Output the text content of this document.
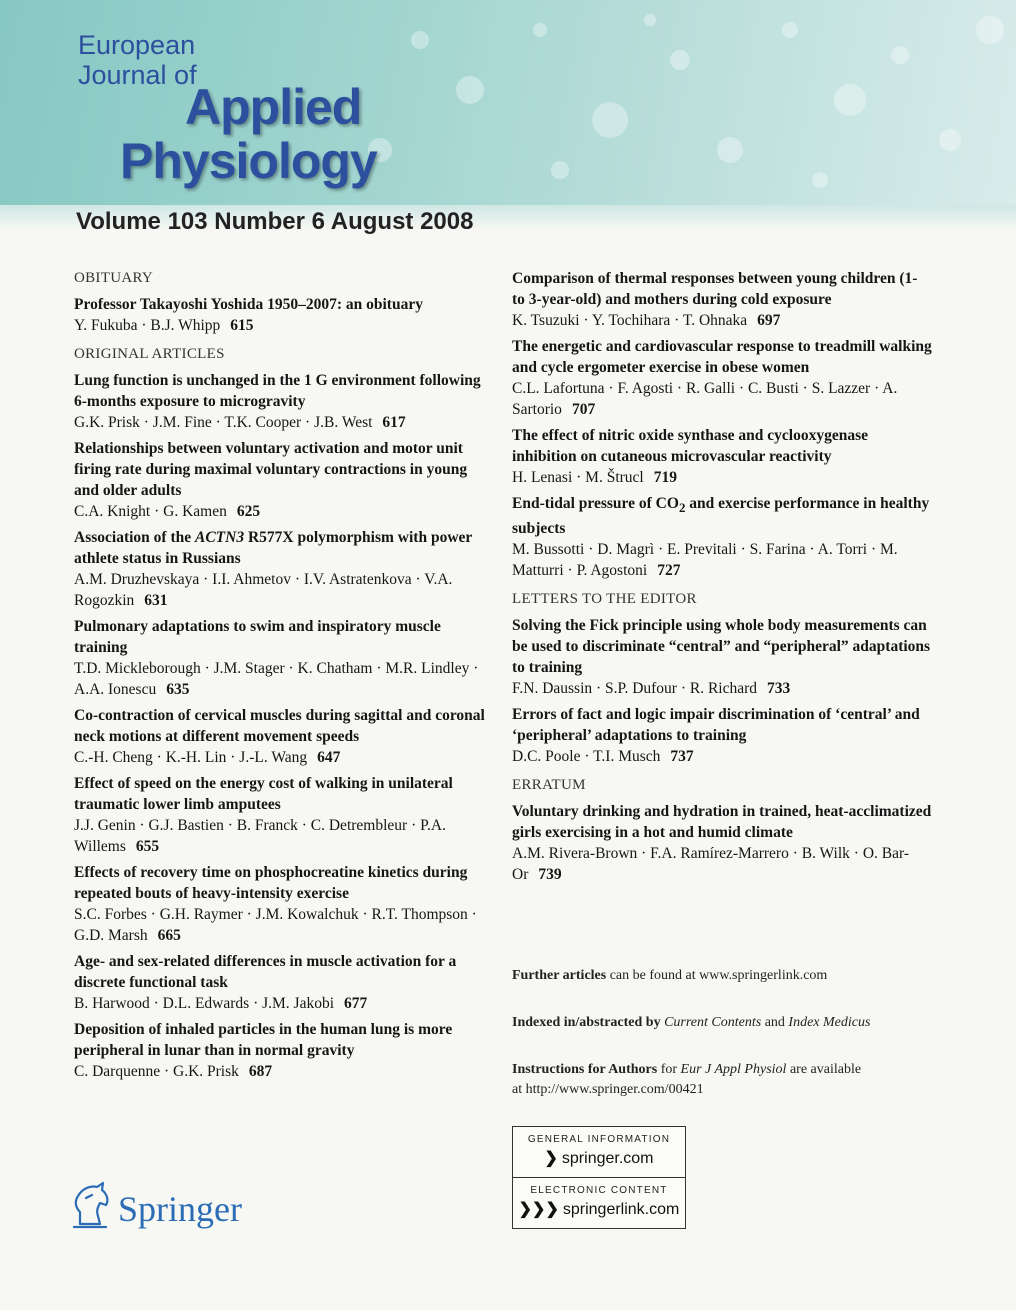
European
Journal of
Applied
Physiology
Volume 103 Number 6 August 2008
OBITUARY
Professor Takayoshi Yoshida 1950–2007: an obituary
Y. Fukuba · B.J. Whipp 615
ORIGINAL ARTICLES
Lung function is unchanged in the 1 G environment following 6-months exposure to microgravity
G.K. Prisk · J.M. Fine · T.K. Cooper · J.B. West 617
Relationships between voluntary activation and motor unit firing rate during maximal voluntary contractions in young and older adults
C.A. Knight · G. Kamen 625
Association of the ACTN3 R577X polymorphism with power athlete status in Russians
A.M. Druzhevskaya · I.I. Ahmetov · I.V. Astratenkova · V.A. Rogozkin 631
Pulmonary adaptations to swim and inspiratory muscle training
T.D. Mickleborough · J.M. Stager · K. Chatham · M.R. Lindley · A.A. Ionescu 635
Co-contraction of cervical muscles during sagittal and coronal neck motions at different movement speeds
C.-H. Cheng · K.-H. Lin · J.-L. Wang 647
Effect of speed on the energy cost of walking in unilateral traumatic lower limb amputees
J.J. Genin · G.J. Bastien · B. Franck · C. Detrembleur · P.A. Willems 655
Effects of recovery time on phosphocreatine kinetics during repeated bouts of heavy-intensity exercise
S.C. Forbes · G.H. Raymer · J.M. Kowalchuk · R.T. Thompson · G.D. Marsh 665
Age- and sex-related differences in muscle activation for a discrete functional task
B. Harwood · D.L. Edwards · J.M. Jakobi 677
Deposition of inhaled particles in the human lung is more peripheral in lunar than in normal gravity
C. Darquenne · G.K. Prisk 687
Comparison of thermal responses between young children (1- to 3-year-old) and mothers during cold exposure
K. Tsuzuki · Y. Tochihara · T. Ohnaka 697
The energetic and cardiovascular response to treadmill walking and cycle ergometer exercise in obese women
C.L. Lafortuna · F. Agosti · R. Galli · C. Busti · S. Lazzer · A. Sartorio 707
The effect of nitric oxide synthase and cyclooxygenase inhibition on cutaneous microvascular reactivity
H. Lenasi · M. Štrucl 719
End-tidal pressure of $CO_2$ and exercise performance in healthy subjects
M. Bussotti · D. Magrì · E. Previtali · S. Farina · A. Torri · M. Matturri · P. Agostoni 727
LETTERS TO THE EDITOR
Solving the Fick principle using whole body measurements can be used to discriminate “central” and “peripheral” adaptations to training
F.N. Daussin · S.P. Dufour · R. Richard 733
Errors of fact and logic impair discrimination of ‘central’ and ‘peripheral’ adaptations to training
D.C. Poole · T.I. Musch 737
ERRATUM
Voluntary drinking and hydration in trained, heat-acclimatized girls exercising in a hot and humid climate
A.M. Rivera-Brown · F.A. Ramírez-Marrero · B. Wilk · O. Bar-Or 739
Further articles can be found at www.springerlink.com
Indexed in/abstracted by Current Contents and Index Medicus
Instructions for Authors for Eur J Appl Physiol are available
at http://www.springer.com/00421
GENERAL INFORMATION
❯ springer.com
ELECTRONIC CONTENT
❯❯❯ springerlink.com
Springer
